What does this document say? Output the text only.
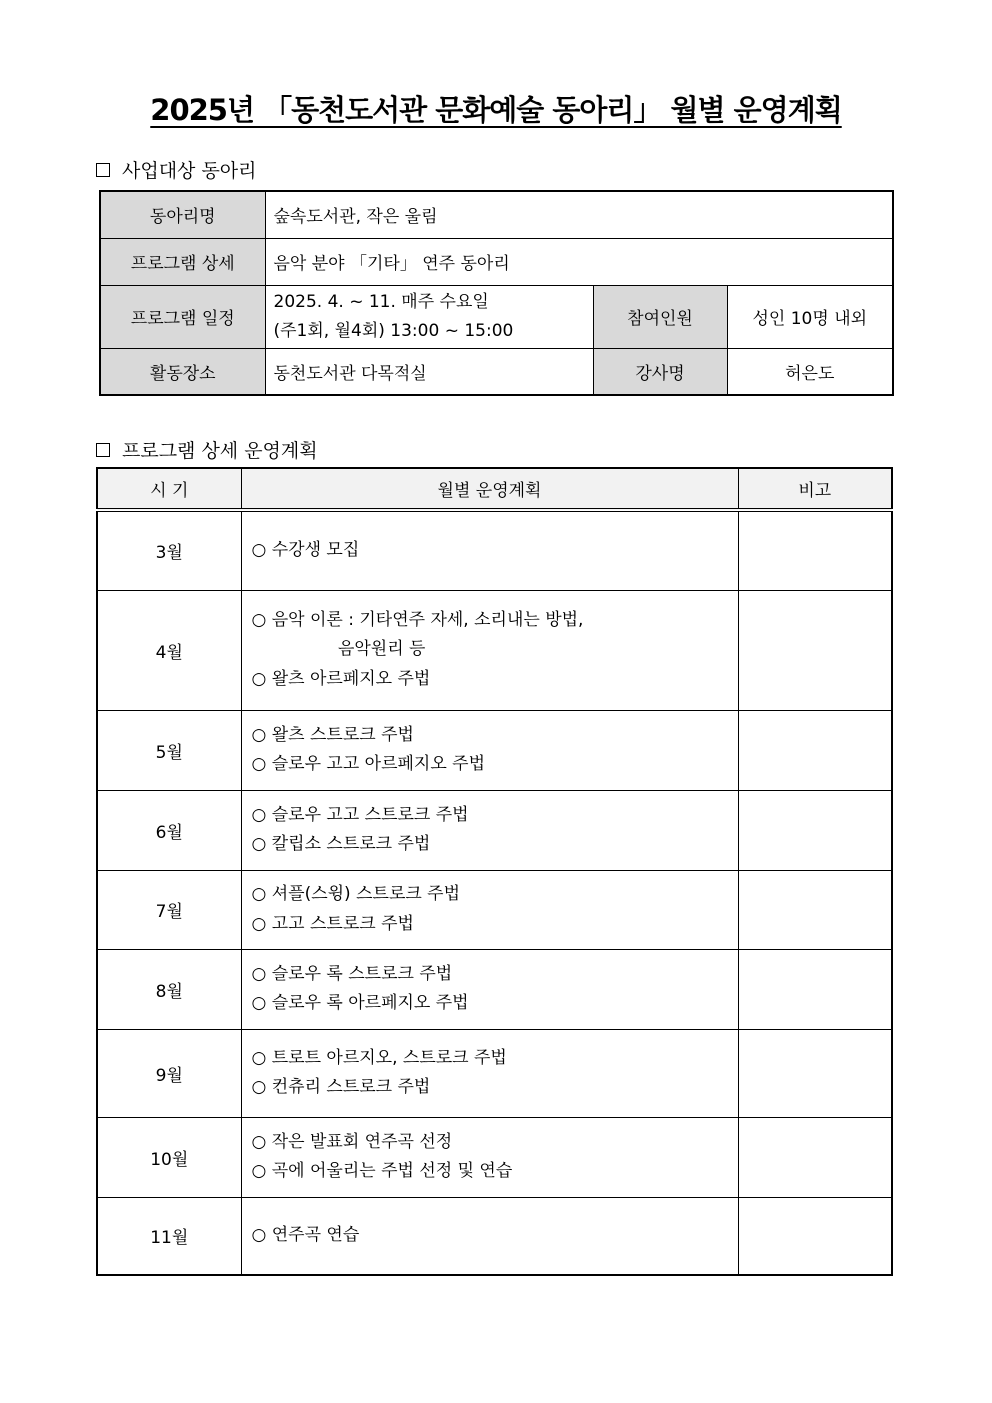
2025년 「동천도서관 문화예술 동아리」 월별 운영계획
사업대상 동아리
동아리명	숲속도서관, 작은 울림		
프로그램 상세	음악 분야 「기타」 연주 동아리		
프로그램 일정	2025. 4. ~ 11. 매주 수요일
(주1회, 월4회) 13:00 ~ 15:00	참여인원	성인 10명 내외
활동장소	동천도서관 다목적실	강사명	허은도
프로그램 상세 운영계획
시 기	월별 운영계획	비고
3월	○ 수강생 모집	

4월	○ 음악 이론 : 기타연주 자세, 소리내는 방법,
음악원리 등
○ 왈츠 아르페지오 주법	

5월	○ 왈츠 스트로크 주법
○ 슬로우 고고 아르페지오 주법	

6월	○ 슬로우 고고 스트로크 주법
○ 칼립소 스트로크 주법	

7월	○ 셔플(스윙) 스트로크 주법
○ 고고 스트로크 주법	

8월	○ 슬로우 록 스트로크 주법
○ 슬로우 록 아르페지오 주법	

9월	○ 트로트 아르지오, 스트로크 주법
○ 컨츄리 스트로크 주법	

10월	○ 작은 발표회 연주곡 선정
○ 곡에 어울리는 주법 선정 및 연습	

11월	○ 연주곡 연습	
